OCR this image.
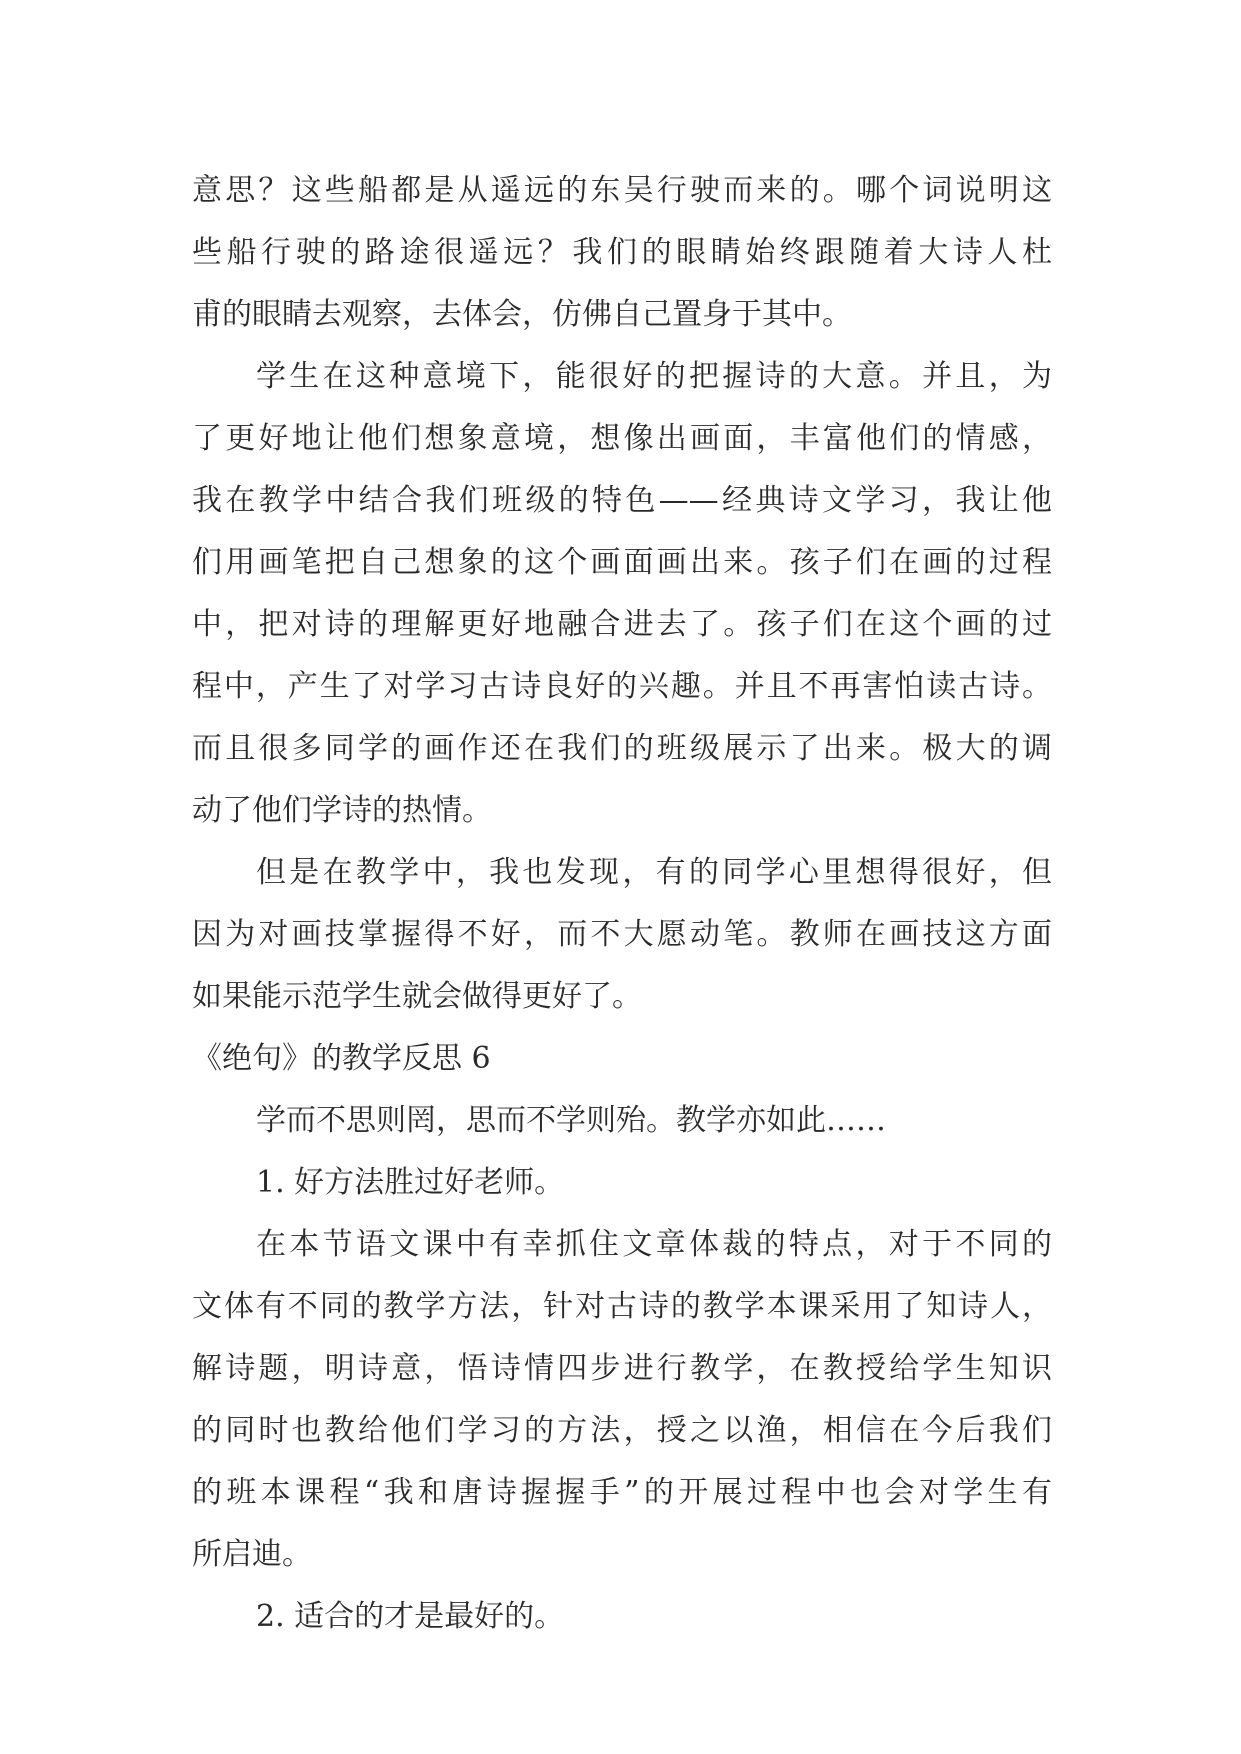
意思？这些船都是从遥远的东吴行驶而来的。哪个词说明这
些船行驶的路途很遥远？我们的眼睛始终跟随着大诗人杜
甫的眼睛去观察，去体会，仿佛自己置身于其中。
学生在这种意境下，能很好的把握诗的大意。并且，为
了更好地让他们想象意境，想像出画面，丰富他们的情感，
我在教学中结合我们班级的特色——经典诗文学习，我让他
们用画笔把自己想象的这个画面画出来。孩子们在画的过程
中，把对诗的理解更好地融合进去了。孩子们在这个画的过
程中，产生了对学习古诗良好的兴趣。并且不再害怕读古诗。
而且很多同学的画作还在我们的班级展示了出来。极大的调
动了他们学诗的热情。
但是在教学中，我也发现，有的同学心里想得很好，但
因为对画技掌握得不好，而不大愿动笔。教师在画技这方面
如果能示范学生就会做得更好了。
《绝句》的教学反思 6
学而不思则罔，思而不学则殆。教学亦如此……
1. 好方法胜过好老师。
在本节语文课中有幸抓住文章体裁的特点，对于不同的
文体有不同的教学方法，针对古诗的教学本课采用了知诗人，
解诗题，明诗意，悟诗情四步进行教学，在教授给学生知识
的同时也教给他们学习的方法，授之以渔，相信在今后我们
的班本课程“我和唐诗握握手”的开展过程中也会对学生有
所启迪。
2. 适合的才是最好的。
